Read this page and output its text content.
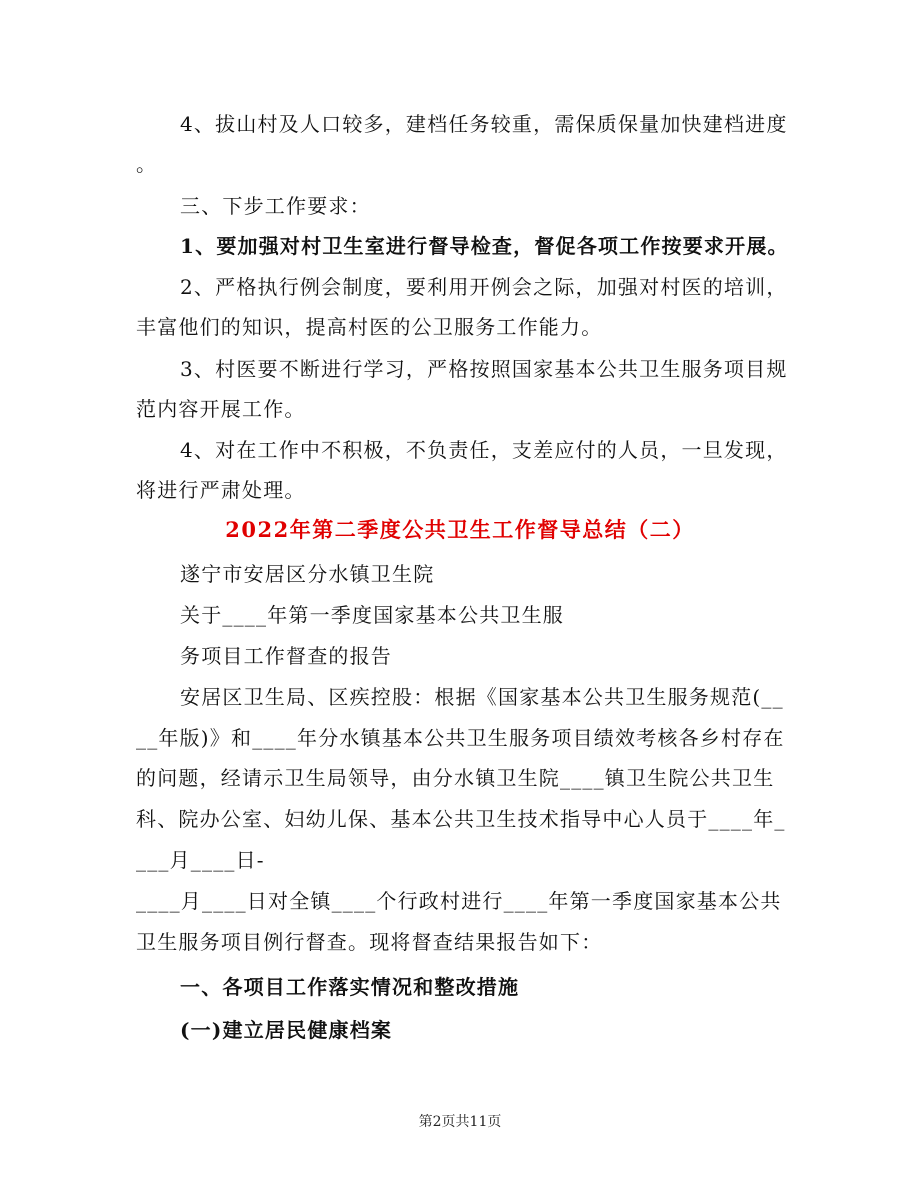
4、拔山村及人口较多，建档任务较重，需保质保量加快建档进度
。
三、下步工作要求：
1、要加强对村卫生室进行督导检查，督促各项工作按要求开展。
2、严格执行例会制度，要利用开例会之际，加强对村医的培训，
丰富他们的知识，提高村医的公卫服务工作能力。
3、村医要不断进行学习，严格按照国家基本公共卫生服务项目规
范内容开展工作。
4、对在工作中不积极，不负责任，支差应付的人员，一旦发现，
将进行严肃处理。
2022年第二季度公共卫生工作督导总结（二）
遂宁市安居区分水镇卫生院
关于____年第一季度国家基本公共卫生服
务项目工作督查的报告
安居区卫生局、区疾控股：根据《国家基本公共卫生服务规范(__
__年版)》和____年分水镇基本公共卫生服务项目绩效考核各乡村存在
的问题，经请示卫生局领导，由分水镇卫生院____镇卫生院公共卫生
科、院办公室、妇幼儿保、基本公共卫生技术指导中心人员于____年_
___月____日-
____月____日对全镇____个行政村进行____年第一季度国家基本公共
卫生服务项目例行督查。现将督查结果报告如下：
一、各项目工作落实情况和整改措施
(一)建立居民健康档案
第2页共11页
